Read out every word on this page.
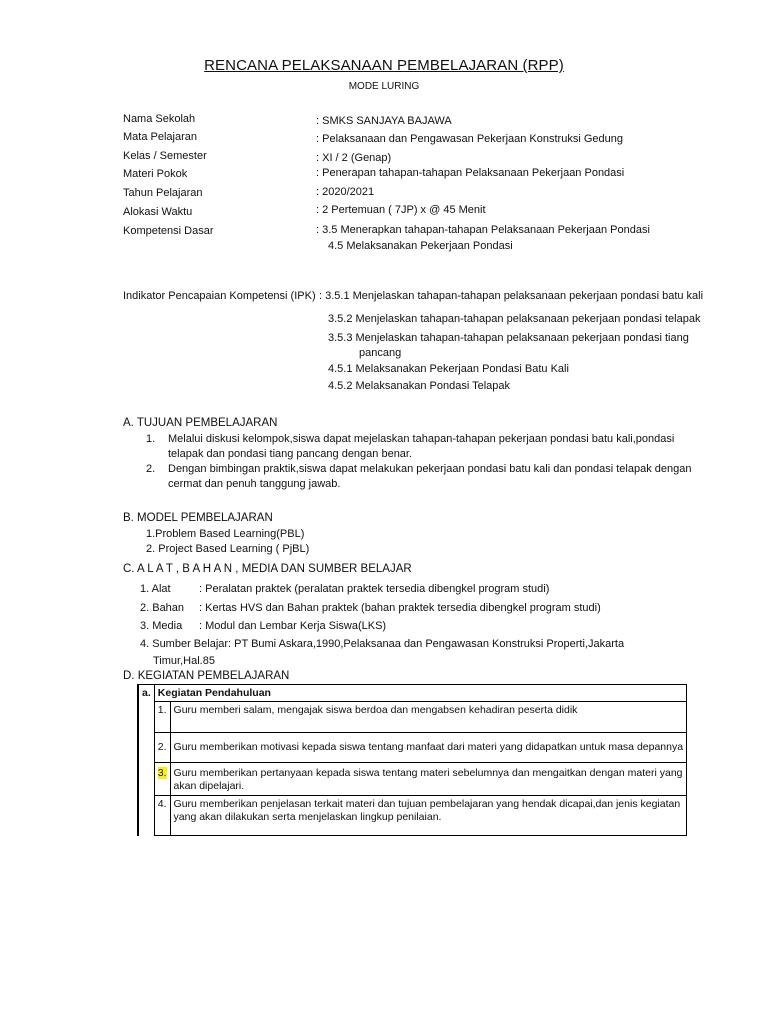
RENCANA PELAKSANAAN PEMBELAJARAN (RPP)
MODE LURING
Nama Sekolah	: SMKS SANJAYA BAJAWA
Mata Pelajaran	: Pelaksanaan dan Pengawasan Pekerjaan Konstruksi Gedung
Kelas / Semester	: XI / 2 (Genap)
Materi Pokok	: Penerapan tahapan-tahapan Pelaksanaan Pekerjaan Pondasi
Tahun Pelajaran	: 2020/2021
Alokasi Waktu	: 2 Pertemuan ( 7JP) x @ 45 Menit
Kompetensi Dasar	: 3.5 Menerapkan tahapan-tahapan Pelaksanaan Pekerjaan Pondasi
4.5 Melaksanakan Pekerjaan Pondasi
Indikator Pencapaian Kompetensi (IPK) : 3.5.1 Menjelaskan tahapan-tahapan pelaksanaan pekerjaan pondasi batu kali
3.5.2 Menjelaskan tahapan-tahapan pelaksanaan pekerjaan pondasi telapak
3.5.3 Menjelaskan tahapan-tahapan pelaksanaan pekerjaan pondasi tiang
pancang
4.5.1 Melaksanakan Pekerjaan Pondasi Batu Kali
4.5.2 Melaksanakan Pondasi Telapak
A. TUJUAN PEMBELAJARAN
1. Melalui diskusi kelompok,siswa dapat mejelaskan tahapan-tahapan pekerjaan pondasi batu kali,pondasi
telapak dan pondasi tiang pancang dengan benar.
2. Dengan bimbingan praktik,siswa dapat melakukan pekerjaan pondasi batu kali dan pondasi telapak dengan
cermat dan penuh tanggung jawab.
B. MODEL PEMBELAJARAN
1.Problem Based Learning(PBL)
2. Project Based Learning ( PjBL)
C. A L A T , B A H A N , MEDIA DAN SUMBER BELAJAR
1. Alat	: Peralatan praktek (peralatan praktek tersedia dibengkel program studi)
2. Bahan : Kertas HVS dan Bahan praktek (bahan praktek tersedia dibengkel program studi)
3. Media : Modul dan Lembar Kerja Siswa(LKS)
4. Sumber Belajar: PT Bumi Askara,1990,Pelaksanaa dan Pengawasan Konstruksi Properti,Jakarta
Timur,Hal.85
D. KEGIATAN PEMBELAJARAN
a.	Kegiatan Pendahuluan	
	1.	Guru memberi salam, mengajak siswa berdoa dan mengabsen kehadiran peserta didik
	2.	Guru memberikan motivasi kepada siswa tentang manfaat dari materi yang didapatkan untuk masa depannya
	3.	Guru memberikan pertanyaan kepada siswa tentang materi sebelumnya dan mengaitkan dengan materi yang akan dipelajari.
	4.	Guru memberikan penjelasan terkait materi dan tujuan pembelajaran yang hendak dicapai,dan jenis kegiatan yang akan dilakukan serta menjelaskan lingkup penilaian.
